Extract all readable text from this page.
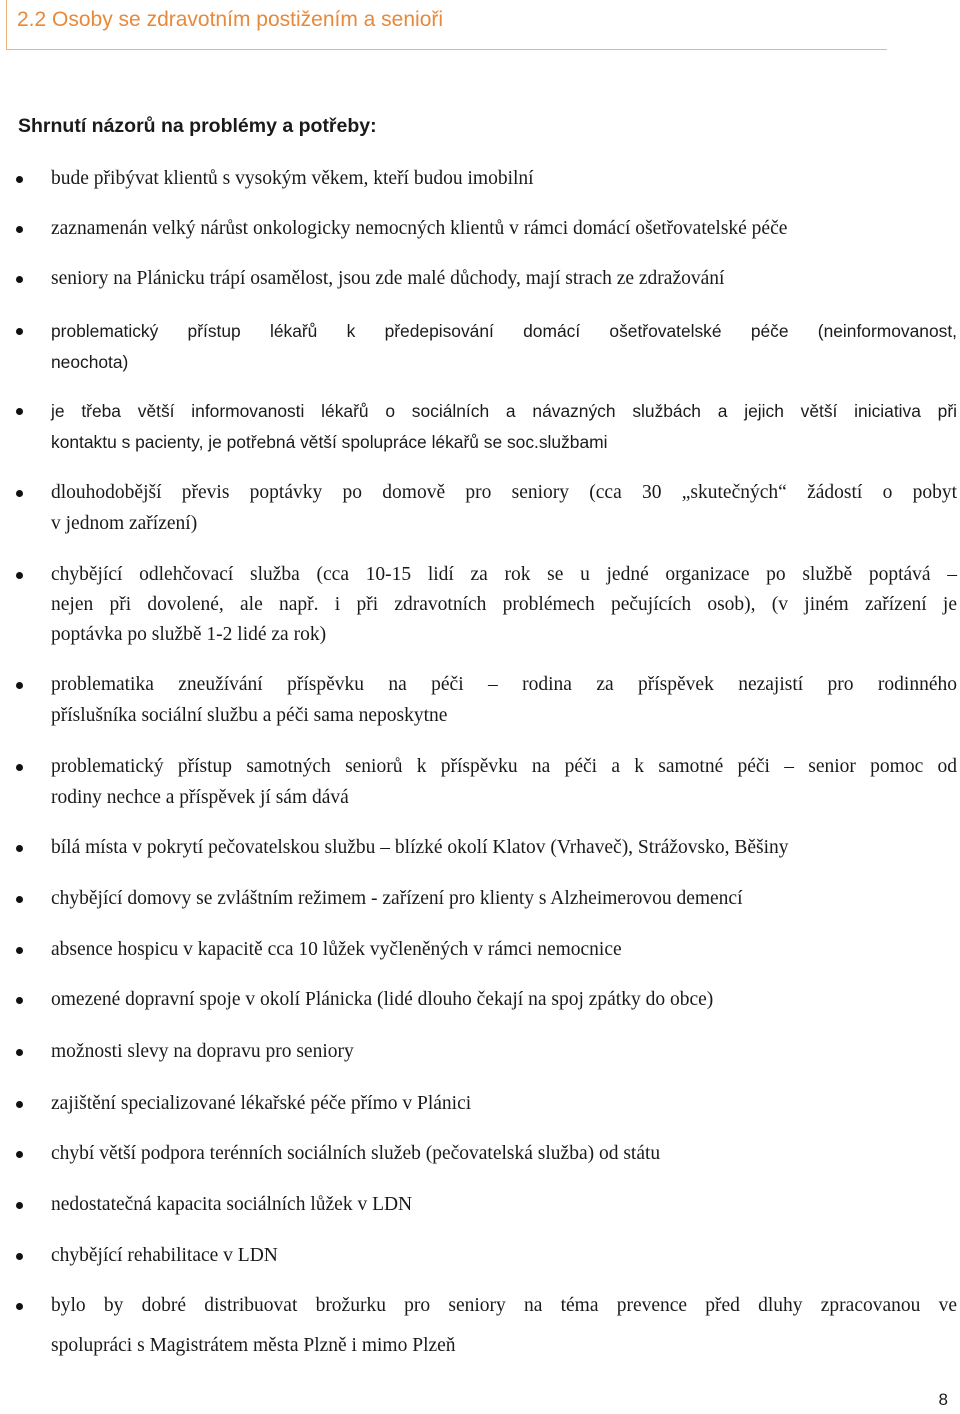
2.2 Osoby se zdravotním postižením a senioři
Shrnutí názorů na problémy a potřeby:
bude přibývat klientů s vysokým věkem, kteří budou imobilní
zaznamenán velký nárůst onkologicky nemocných klientů v rámci domácí ošetřovatelské péče
seniory na Plánicku trápí osamělost, jsou zde malé důchody, mají strach ze zdražování
problematický přístup lékařů k předepisování domácí ošetřovatelské péče (neinformovanost,
neochota)
je třeba větší informovanosti lékařů o sociálních a návazných službách a jejich větší iniciativa při
kontaktu s pacienty, je potřebná větší spolupráce lékařů se soc.službami
dlouhodobější převis poptávky po domově pro seniory (cca 30 „skutečných“ žádostí o pobyt
v jednom zařízení)
chybějící odlehčovací služba (cca 10-15 lidí za rok se u jedné organizace po službě poptává –
nejen při dovolené, ale např. i při zdravotních problémech pečujících osob), (v jiném zařízení je
poptávka po službě 1-2 lidé za rok)
problematika zneužívání příspěvku na péči – rodina za příspěvek nezajistí pro rodinného
příslušníka sociální službu a péči sama neposkytne
problematický přístup samotných seniorů k příspěvku na péči a k samotné péči – senior pomoc od
rodiny nechce a příspěvek jí sám dává
bílá místa v pokrytí pečovatelskou službu – blízké okolí Klatov (Vrhaveč), Strážovsko, Běšiny
chybějící domovy se zvláštním režimem - zařízení pro klienty s Alzheimerovou demencí
absence hospicu v kapacitě cca 10 lůžek vyčleněných v rámci nemocnice
omezené dopravní spoje v okolí Plánicka (lidé dlouho čekají na spoj zpátky do obce)
možnosti slevy na dopravu pro seniory
zajištění specializované lékařské péče přímo v Plánici
chybí větší podpora terénních sociálních služeb (pečovatelská služba) od státu
nedostatečná kapacita sociálních lůžek v LDN
chybějící rehabilitace v LDN
bylo by dobré distribuovat brožurku pro seniory na téma prevence před dluhy zpracovanou ve
spolupráci s Magistrátem města Plzně i mimo Plzeň
8
